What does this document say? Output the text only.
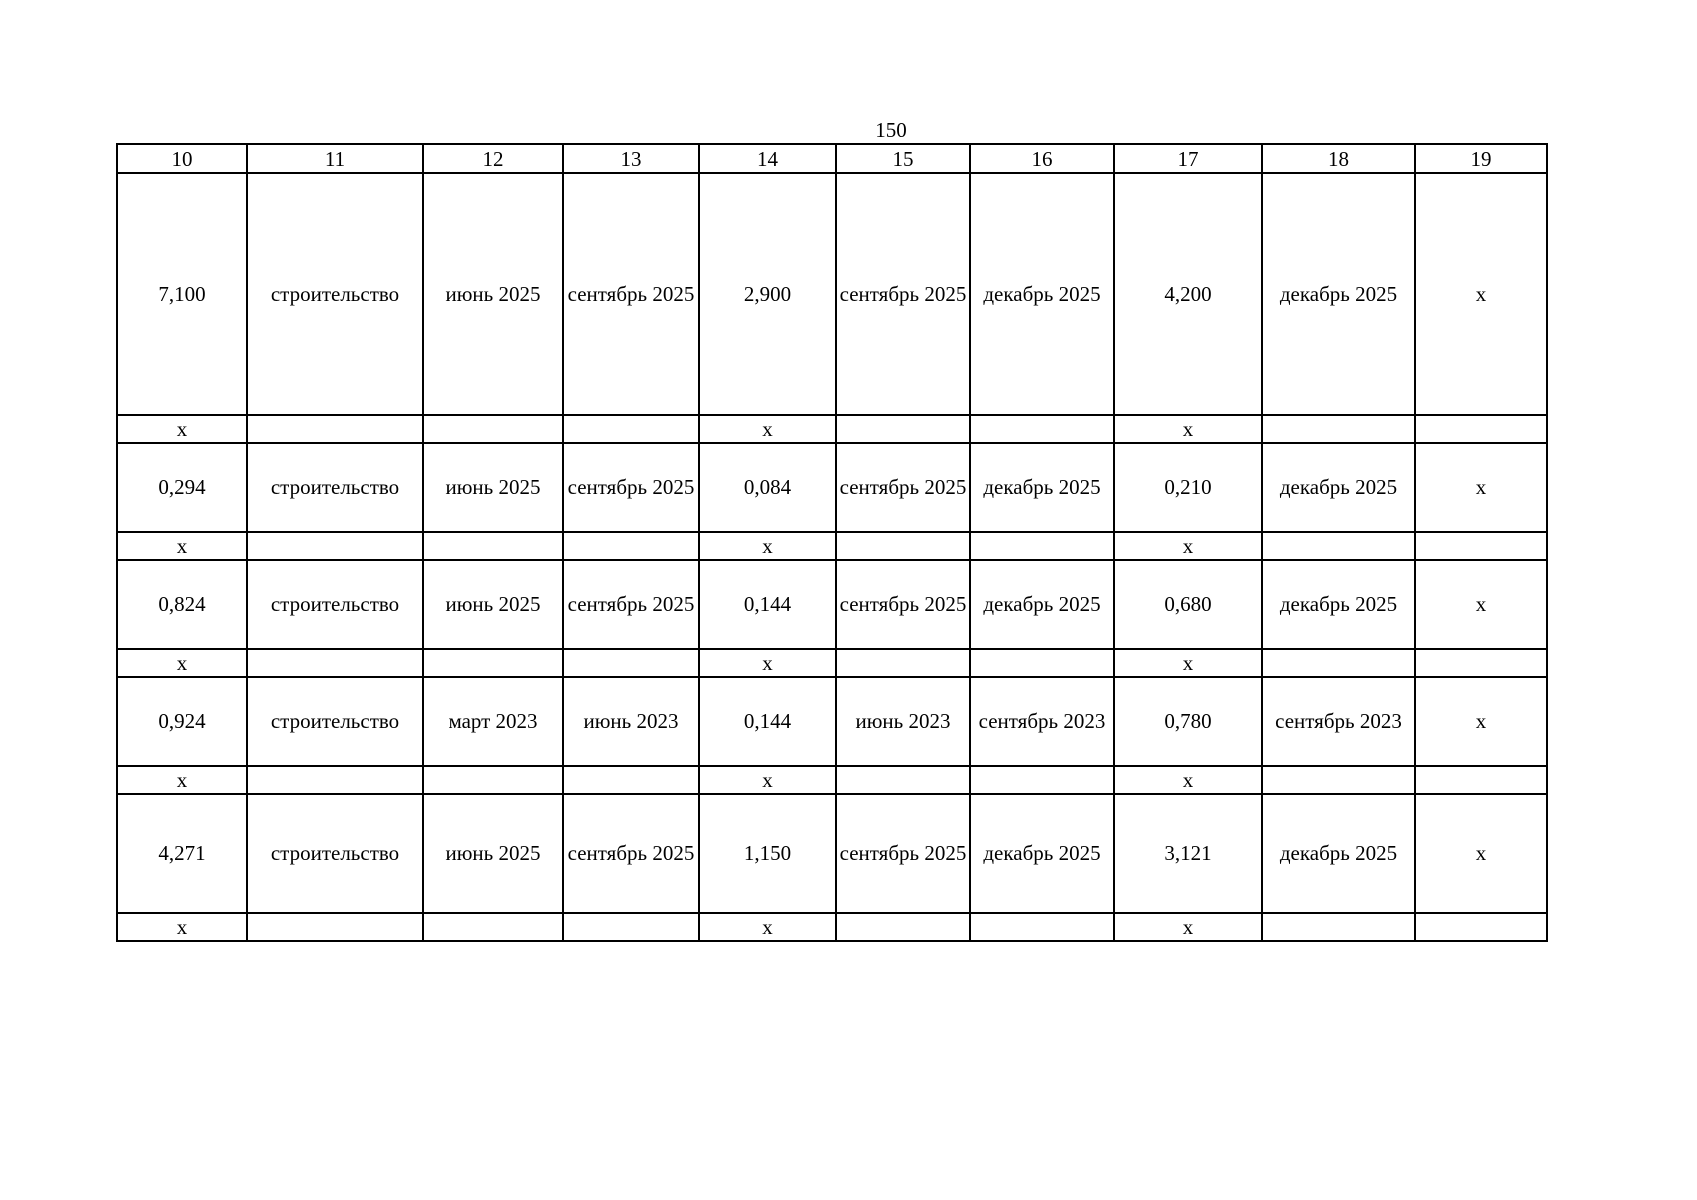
150
10	11	12	13	14	15	16	17	18	19
7,100	строительство	июнь 2025	сентябрь 2025	2,900	сентябрь 2025	декабрь 2025	4,200	декабрь 2025	х
х				х			х		
0,294	строительство	июнь 2025	сентябрь 2025	0,084	сентябрь 2025	декабрь 2025	0,210	декабрь 2025	х
х				х			х		
0,824	строительство	июнь 2025	сентябрь 2025	0,144	сентябрь 2025	декабрь 2025	0,680	декабрь 2025	х
х				х			х		
0,924	строительство	март 2023	июнь 2023	0,144	июнь 2023	сентябрь 2023	0,780	сентябрь 2023	х
х				х			х		
4,271	строительство	июнь 2025	сентябрь 2025	1,150	сентябрь 2025	декабрь 2025	3,121	декабрь 2025	х
х				х			х		
